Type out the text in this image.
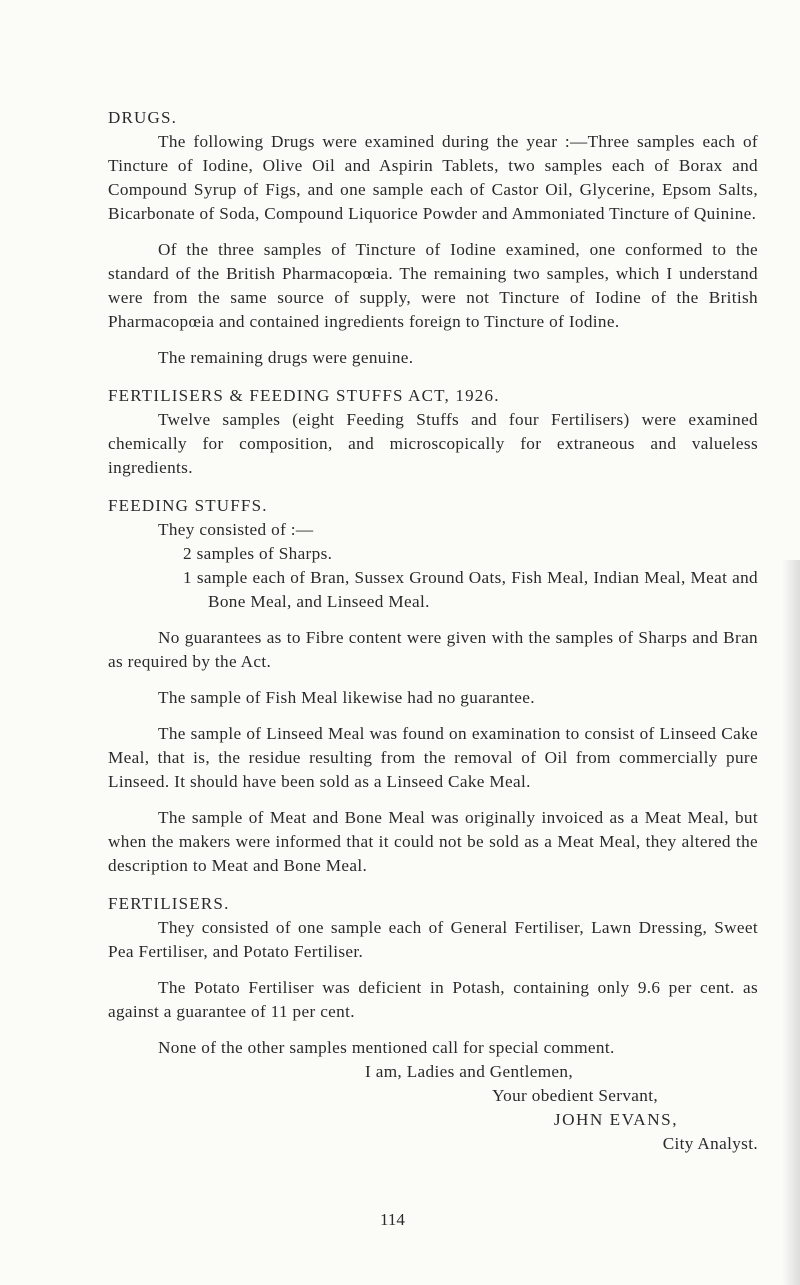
DRUGS.

The following Drugs were examined during the year :—Three samples each of Tincture of Iodine, Olive Oil and Aspirin Tablets, two samples each of Borax and Compound Syrup of Figs, and one sample each of Castor Oil, Glycerine, Epsom Salts, Bicarbonate of Soda, Compound Liquorice Powder and Ammoniated Tincture of Quinine.

Of the three samples of Tincture of Iodine examined, one conformed to the standard of the British Pharmacopœia. The remaining two samples, which I understand were from the same source of supply, were not Tincture of Iodine of the British Pharmacopœia and contained ingredients foreign to Tincture of Iodine.

The remaining drugs were genuine.

FERTILISERS & FEEDING STUFFS ACT, 1926.

Twelve samples (eight Feeding Stuffs and four Fertilisers) were examined chemically for composition, and microscopically for extraneous and valueless ingredients.

FEEDING STUFFS.

They consisted of :—

2 samples of Sharps.

1 sample each of Bran, Sussex Ground Oats, Fish Meal, Indian Meal, Meat and Bone Meal, and Linseed Meal.

No guarantees as to Fibre content were given with the samples of Sharps and Bran as required by the Act.

The sample of Fish Meal likewise had no guarantee.

The sample of Linseed Meal was found on examination to consist of Linseed Cake Meal, that is, the residue resulting from the removal of Oil from commercially pure Linseed. It should have been sold as a Linseed Cake Meal.

The sample of Meat and Bone Meal was originally invoiced as a Meat Meal, but when the makers were informed that it could not be sold as a Meat Meal, they altered the description to Meat and Bone Meal.

FERTILISERS.

They consisted of one sample each of General Fertiliser, Lawn Dressing, Sweet Pea Fertiliser, and Potato Fertiliser.

The Potato Fertiliser was deficient in Potash, containing only 9.6 per cent. as against a guarantee of 11 per cent.

None of the other samples mentioned call for special comment.

I am, Ladies and Gentlemen,
Your obedient Servant,
JOHN EVANS,
City Analyst.
114
